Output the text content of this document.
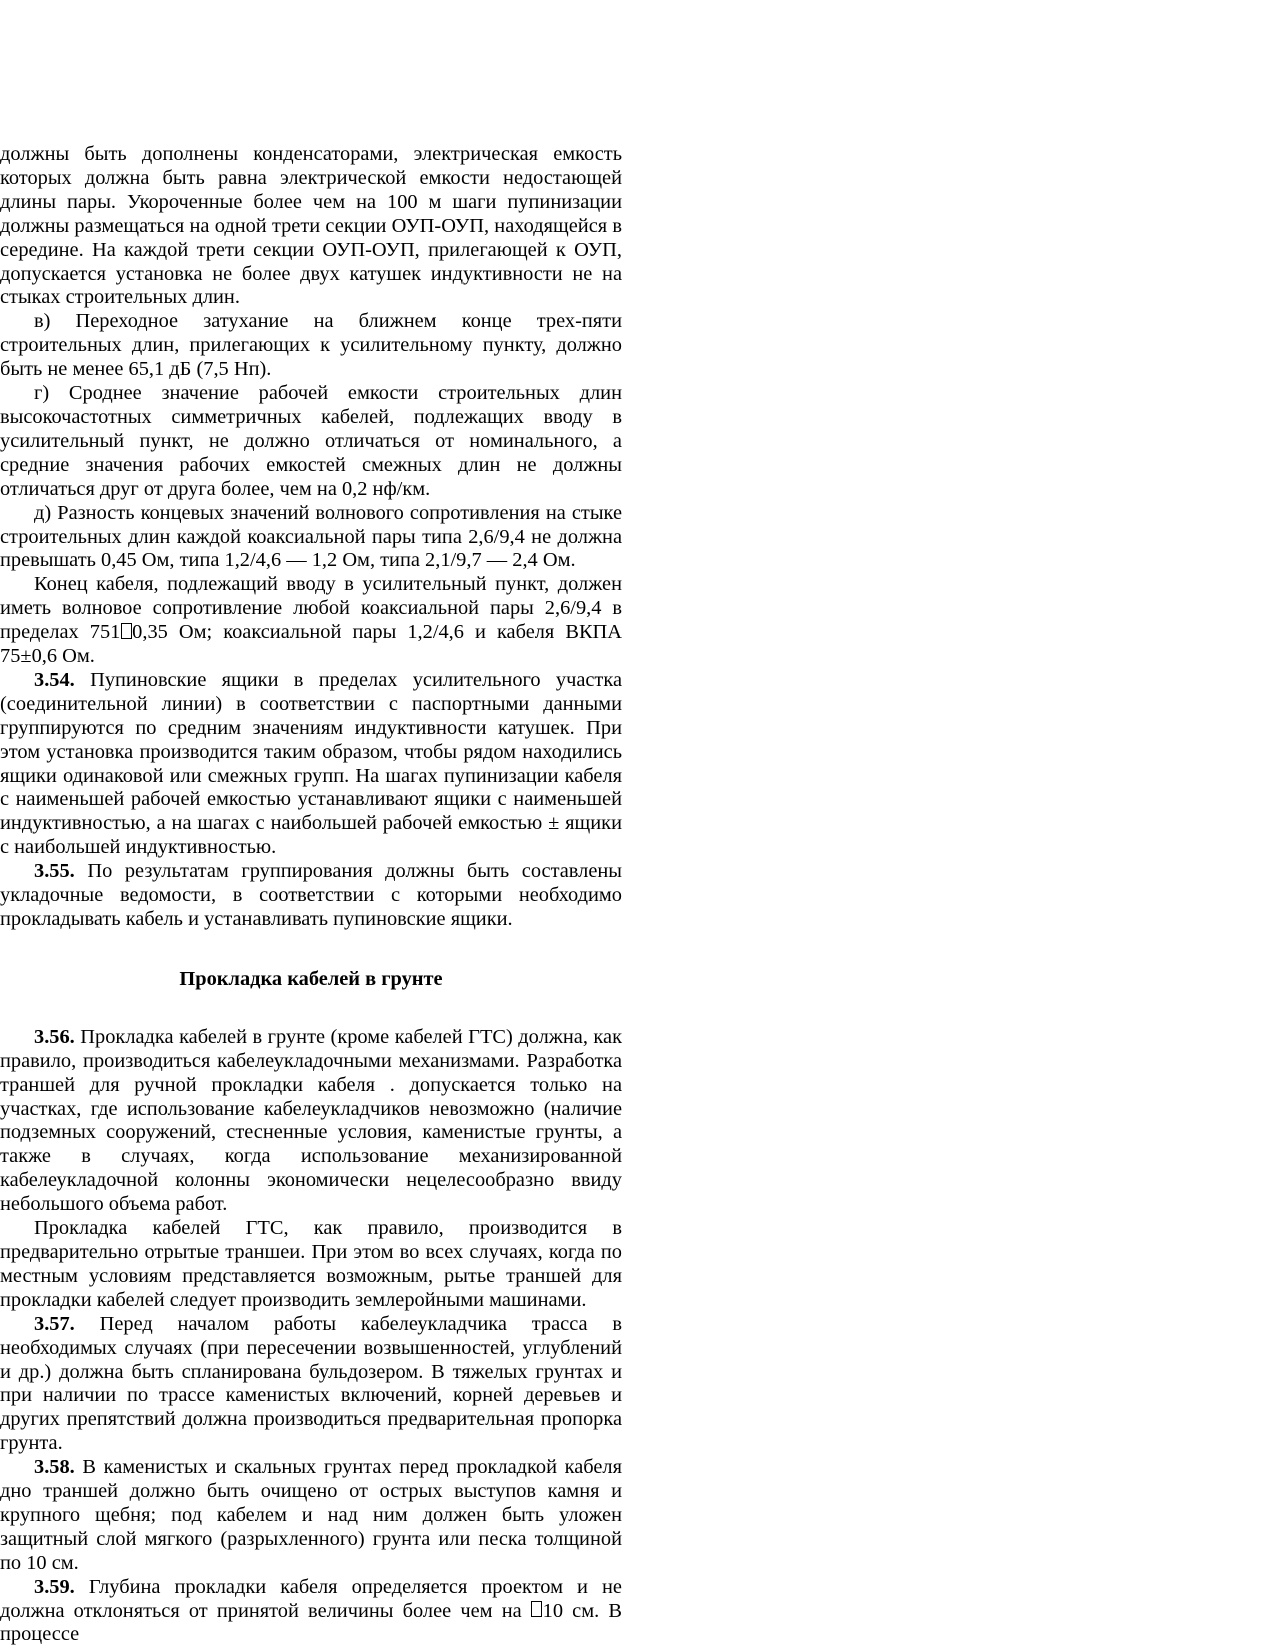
должны быть дополнены конденсаторами, электрическая емкость которых должна быть равна электрической емкости недостающей длины пары. Укороченные более чем на 100 м шаги пупинизации должны размещаться на одной трети секции ОУП-ОУП, находящейся в середине. На каждой трети секции ОУП-ОУП, прилегающей к ОУП, допускается установка не более двух катушек индуктивности не на стыках строительных длин.

в) Переходное затухание на ближнем конце трех-пяти строительных длин, прилегающих к усилительному пункту, должно быть не менее 65,1 дБ (7,5 Нп).

г) Сроднее значение рабочей емкости строительных длин высокочастотных симметричных кабелей, подлежащих вводу в усилительный пункт, не должно отличаться от номинального, а средние значения рабочих емкостей смежных длин не должны отличаться друг от друга более, чем на 0,2 нф/км.

д) Разность концевых значений волнового сопротивления на стыке строительных длин каждой коаксиальной пары типа 2,6/9,4 не должна превышать 0,45 Ом, типа 1,2/4,6 — 1,2 Ом, типа 2,1/9,7 — 2,4 Ом.

Конец кабеля, подлежащий вводу в усилительный пункт, должен иметь волновое сопротивление любой коаксиальной пары 2,6/9,4 в пределах 751 0,35 Ом; коаксиальной пары 1,2/4,6 и кабеля ВКПА 75±0,6 Ом.

3.54. Пупиновские ящики в пределах усилительного участка (соединительной линии) в соответствии с паспортными данными группируются по средним значениям индуктивности катушек. При этом установка производится таким образом, чтобы рядом находились ящики одинаковой или смежных групп. На шагах пупинизации кабеля с наименьшей рабочей емкостью устанавливают ящики с наименьшей индуктивностью, а на шагах с наибольшей рабочей емкостью ± ящики с наибольшей индуктивностью.

3.55. По результатам группирования должны быть составлены укладочные ведомости, в соответствии с которыми необходимо прокладывать кабель и устанавливать пупиновские ящики.

Прокладка кабелей в грунте

3.56. Прокладка кабелей в грунте (кроме кабелей ГТС) должна, как правило, производиться кабелеукладочными механизмами. Разработка траншей для ручной прокладки кабеля . допускается только на участках, где использование кабелеукладчиков невозможно (наличие подземных сооружений, стесненные условия, каменистые грунты, а также в случаях, когда использование механизированной кабелеукладочной колонны экономически нецелесообразно ввиду небольшого объема работ.

Прокладка кабелей ГТС, как правило, производится в предварительно отрытые траншеи. При этом во всех случаях, когда по местным условиям представляется возможным, рытье траншей для прокладки кабелей следует производить землеройными машинами.

3.57. Перед началом работы кабелеукладчика трасса в необходимых случаях (при пересечении возвышенностей, углублений и др.) должна быть спланирована бульдозером. В тяжелых грунтах и при наличии по трассе каменистых включений, корней деревьев и других препятствий должна производиться предварительная пропорка грунта.

3.58. В каменистых и скальных грунтах перед прокладкой кабеля дно траншей должно быть очищено от острых выступов камня и крупного щебня; под кабелем и над ним должен быть уложен защитный слой мягкого (разрыхленного) грунта или песка толщиной по 10 см.

3.59. Глубина прокладки кабеля определяется проектом и не должна отклоняться от принятой величины более чем на 10 см. В процессе
